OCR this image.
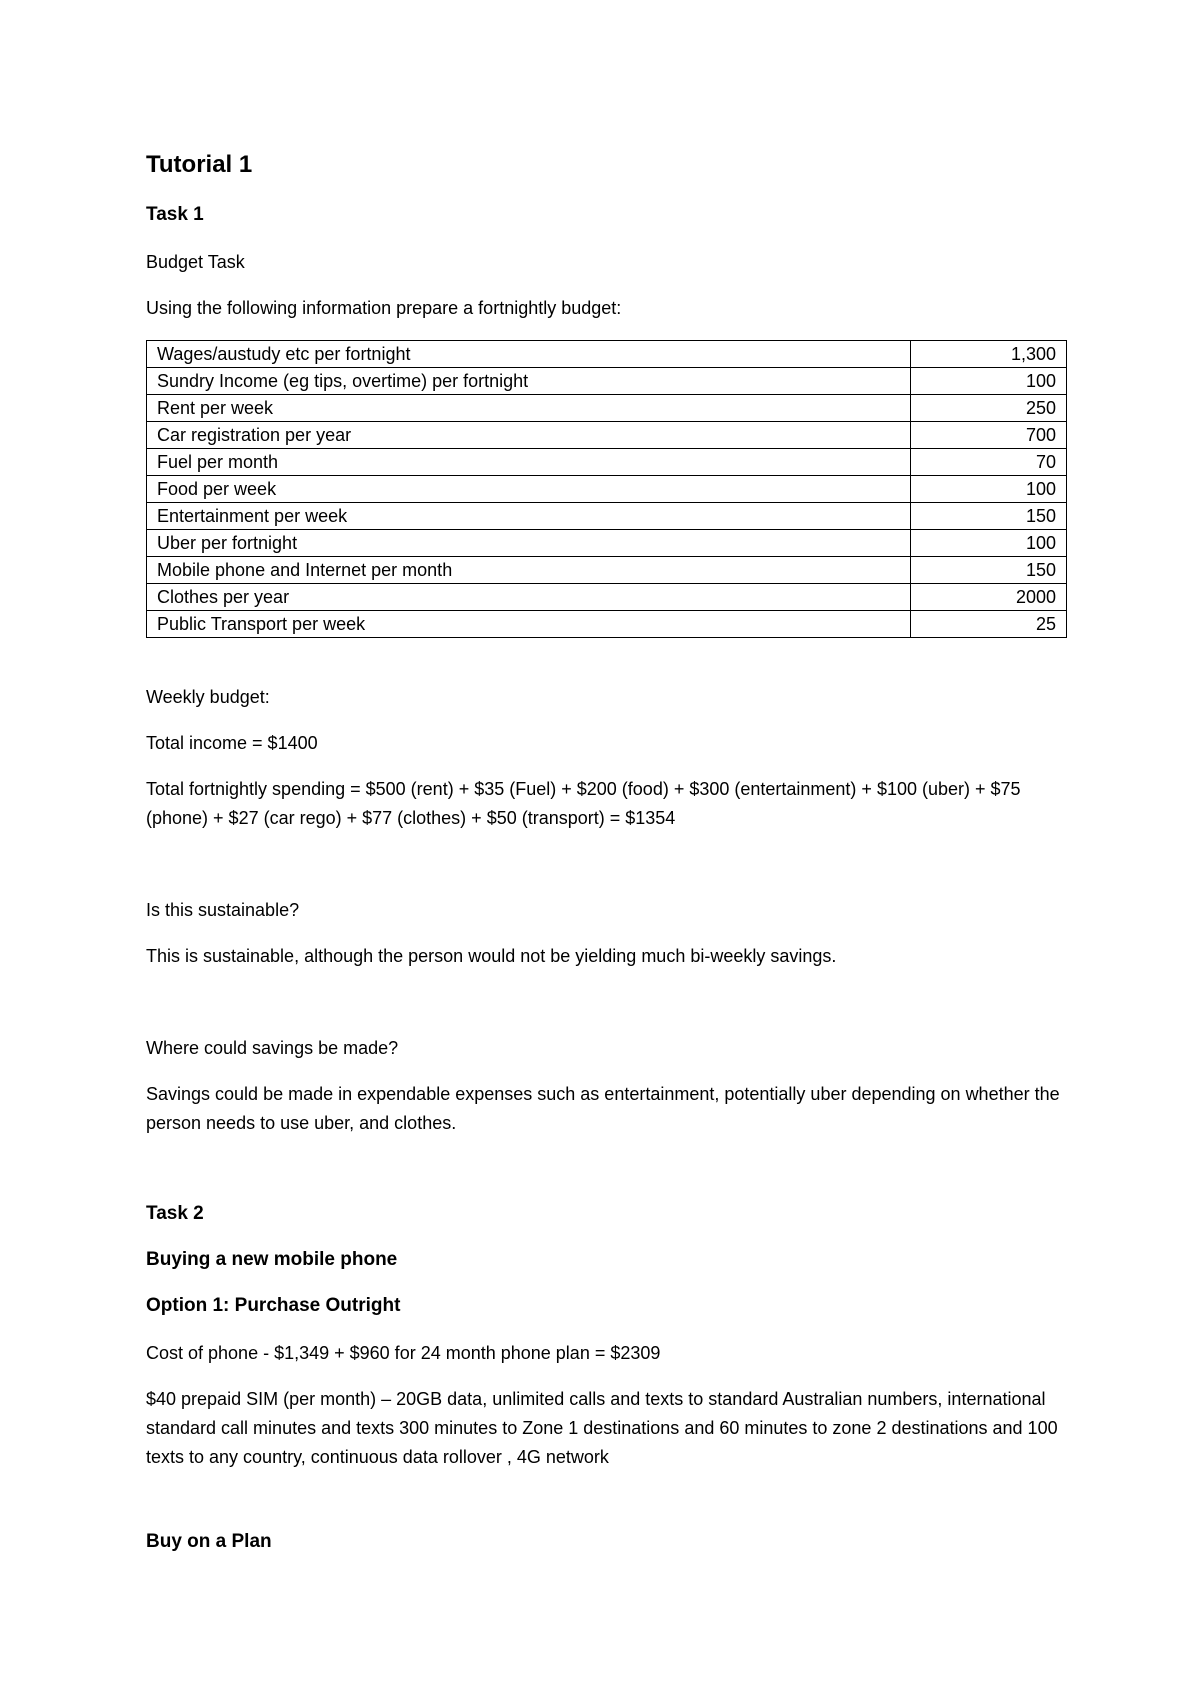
Tutorial 1
Task 1
Budget Task
Using the following information prepare a fortnightly budget:
Wages/austudy etc per fortnight	1,300
Sundry Income (eg tips, overtime) per fortnight	100
Rent per week	250
Car registration per year	700
Fuel per month	70
Food per week	100
Entertainment per week	150
Uber per fortnight	100
Mobile phone and Internet per month	150
Clothes per year	2000
Public Transport per week	25
Weekly budget:
Total income = $1400
Total fortnightly spending = $500 (rent) + $35 (Fuel) + $200 (food) + $300 (entertainment) + $100 (uber) + $75 (phone) + $27 (car rego) + $77 (clothes) + $50 (transport) = $1354
Is this sustainable?
This is sustainable, although the person would not be yielding much bi-weekly savings.
Where could savings be made?
Savings could be made in expendable expenses such as entertainment, potentially uber depending on whether the person needs to use uber, and clothes.
Task 2
Buying a new mobile phone
Option 1: Purchase Outright
Cost of phone - $1,349 + $960 for 24 month phone plan = $2309
$40 prepaid SIM (per month) – 20GB data, unlimited calls and texts to standard Australian numbers, international standard call minutes and texts 300 minutes to Zone 1 destinations and 60 minutes to zone 2 destinations and 100 texts to any country, continuous data rollover , 4G network
Buy on a Plan
